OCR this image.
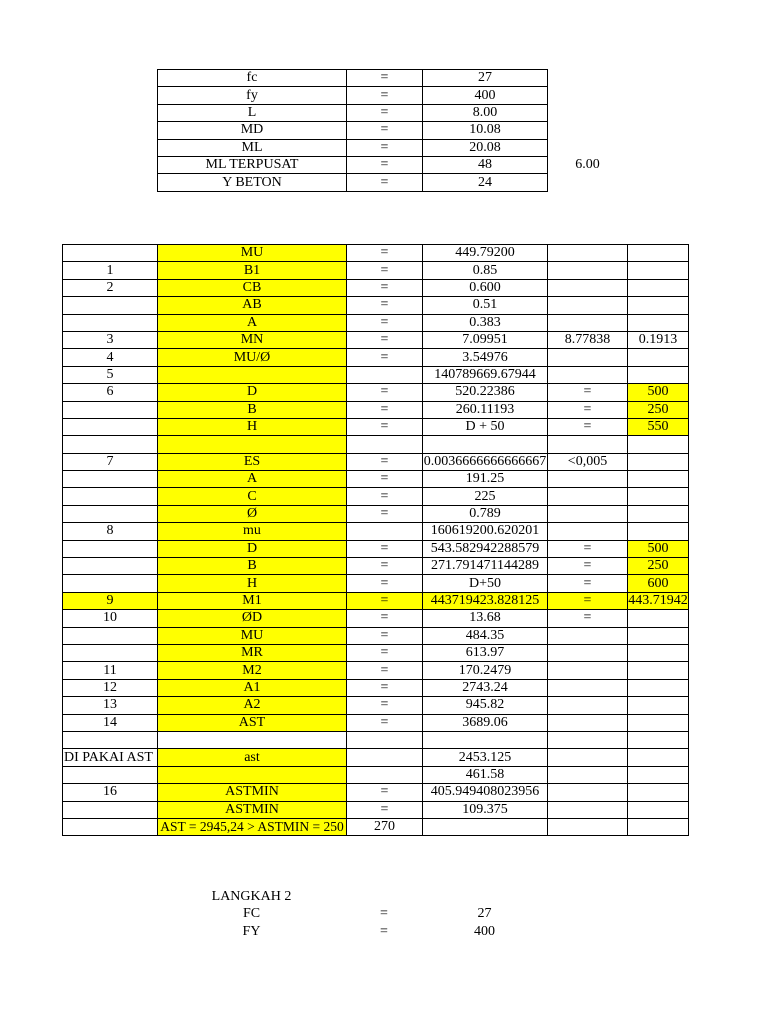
fc	=	27	
fy	=	400	
L	=	8.00	
MD	=	10.08	
ML	=	20.08	
ML TERPUSAT	=	48	6.00
Y BETON	=	24	
	MU	=	449.79200		
1	B1	=	0.85		
2	CB	=	0.600		
	AB	=	0.51		
	A	=	0.383		
3	MN	=	7.09951	8.77838	0.1913
4	MU/Ø	=	3.54976		
5			140789669.67944		
6	D	=	520.22386	=	500
	B	=	260.11193	=	250
	H	=	D + 50	=	550

7	ES	=	0.0036666666666667	<0,005	
	A	=	191.25		
	C	=	225		
	Ø	=	0.789		
8	mu		160619200.620201		
	D	=	543.582942288579	=	500
	B	=	271.791471144289	=	250
	H	=	D+50	=	600
9	M1	=	443719423.828125	=	443.71942
10	ØD	=	13.68	=	
	MU	=	484.35		
	MR	=	613.97		
11	M2	=	170.2479		
12	A1	=	2743.24		
13	A2	=	945.82		
14	AST	=	3689.06		

DI PAKAI AST	ast		2453.125		
			461.58		
16	ASTMIN	=	405.949408023956		
	ASTMIN	=	109.375		
	AST = 2945,24 > ASTMIN = 250	270			
LANGKAH 2		
FC	=	27
FY	=	400
